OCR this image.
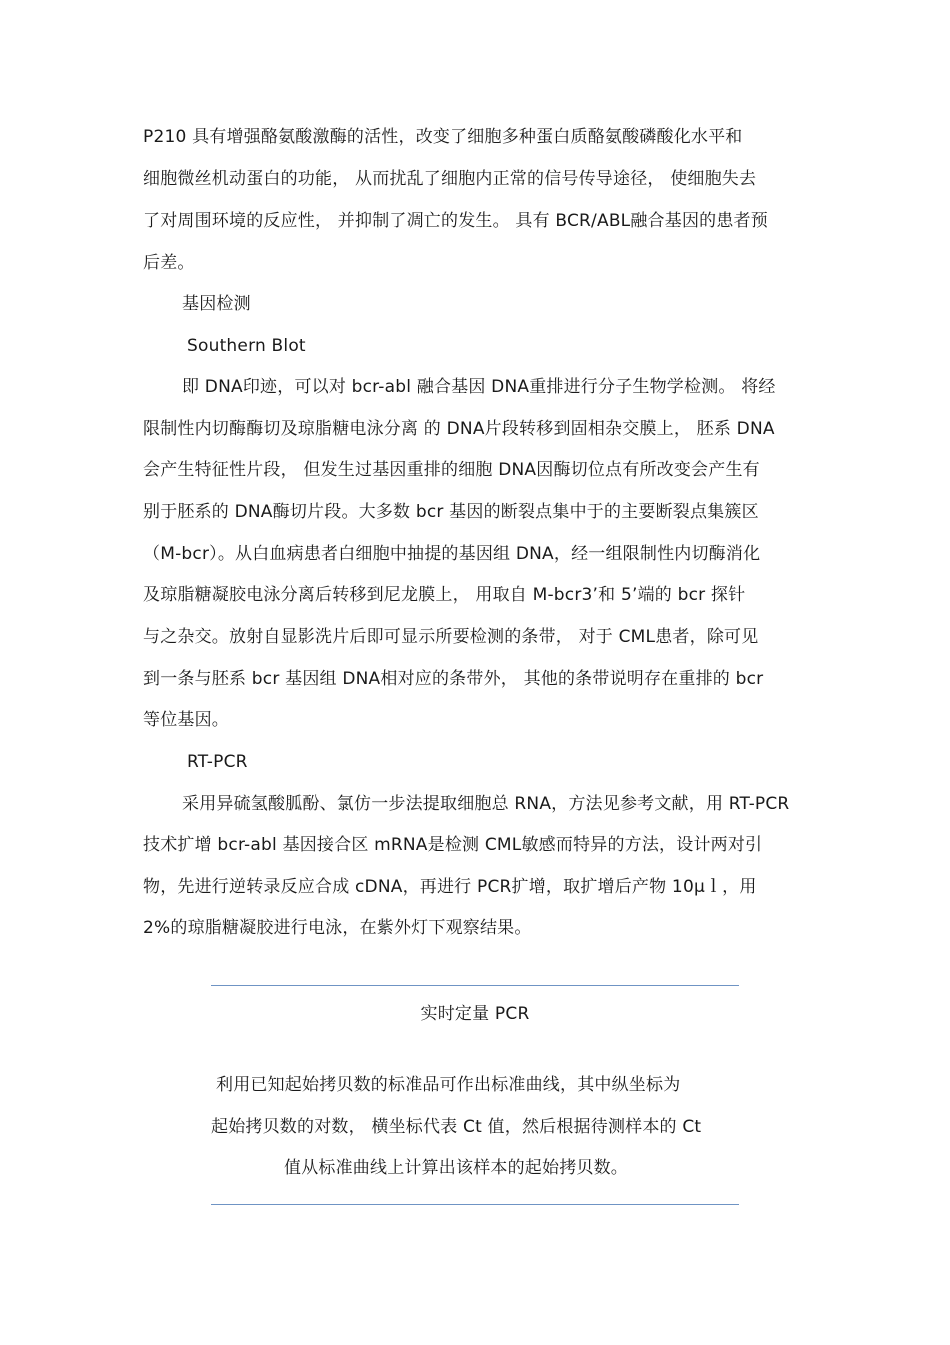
P210 具有增强酪氨酸激酶的活性，改变了细胞多种蛋白质酪氨酸磷酸化水平和
细胞微丝机动蛋白的功能， 从而扰乱了细胞内正常的信号传导途径， 使细胞失去
了对周围环境的反应性， 并抑制了凋亡的发生。 具有 BCR/ABL融合基因的患者预
后差。
基因检测
Southern Blot
即 DNA印迹，可以对 bcr-abl 融合基因 DNA重排进行分子生物学检测。 将经
限制性内切酶酶切及琼脂糖电泳分离 的 DNA片段转移到固相杂交膜上， 胚系 DNA
会产生特征性片段， 但发生过基因重排的细胞 DNA因酶切位点有所改变会产生有
别于胚系的 DNA酶切片段。大多数 bcr 基因的断裂点集中于的主要断裂点集簇区
（M-bcr）。从白血病患者白细胞中抽提的基因组 DNA，经一组限制性内切酶消化
及琼脂糖凝胶电泳分离后转移到尼龙膜上， 用取自 M-bcr3’和 5’端的 bcr 探针
与之杂交。放射自显影洗片后即可显示所要检测的条带， 对于 CML患者，除可见
到一条与胚系 bcr 基因组 DNA相对应的条带外， 其他的条带说明存在重排的 bcr
等位基因。
RT-PCR
采用异硫氢酸胍酚、氯仿一步法提取细胞总 RNA，方法见参考文献，用 RT-PCR
技术扩增 bcr-abl 基因接合区 mRNA是检测 CML敏感而特异的方法，设计两对引
物，先进行逆转录反应合成 cDNA，再进行 PCR扩增，取扩增后产物 10μｌ，用
2%的琼脂糖凝胶进行电泳，在紫外灯下观察结果。
实时定量 PCR
利用已知起始拷贝数的标准品可作出标准曲线，其中纵坐标为
起始拷贝数的对数， 横坐标代表 Ct 值，然后根据待测样本的 Ct
值从标准曲线上计算出该样本的起始拷贝数。
